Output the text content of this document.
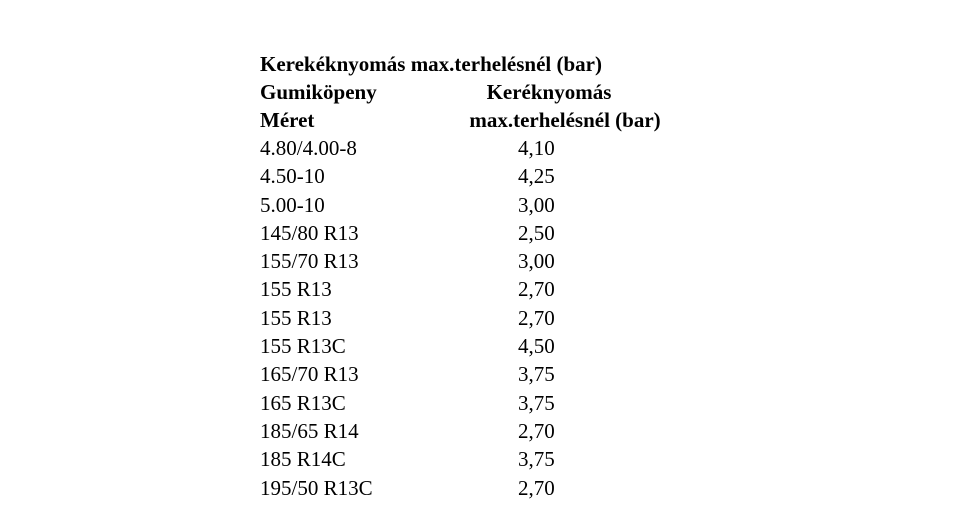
Kerekéknyomás max.terhelésnél (bar)
Gumiköpeny	Keréknyomás
Méret	max.terhelésnél (bar)
4.80/4.00-8	4,10
4.50-10	4,25
5.00-10	3,00
145/80 R13	2,50
155/70 R13	3,00
155 R13	2,70
155 R13	2,70
155 R13C	4,50
165/70 R13	3,75
165 R13C	3,75
185/65 R14	2,70
185 R14C	3,75
195/50 R13C	2,70
